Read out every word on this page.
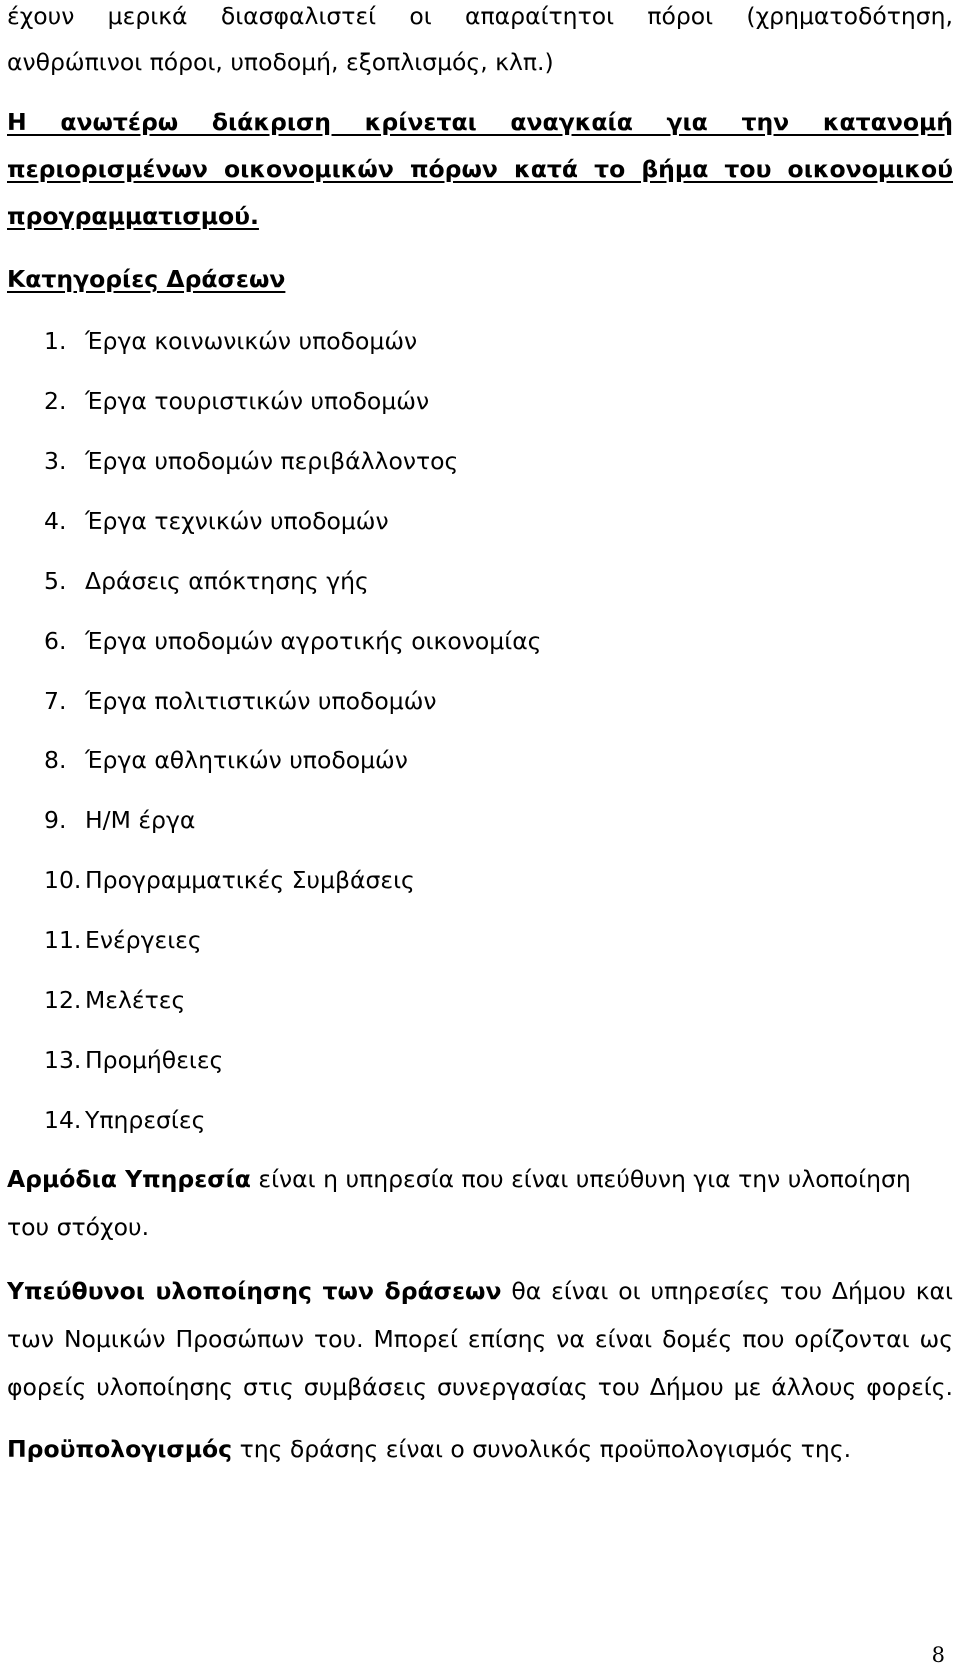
έχουν μερικά διασφαλιστεί οι απαραίτητοι πόροι (χρηματοδότηση,
ανθρώπινοι πόροι, υποδομή, εξοπλισμός, κλπ.)
Η ανωτέρω διάκριση κρίνεται αναγκαία για την κατανομή
περιορισμένων οικονομικών πόρων κατά το βήμα του οικονομικού
προγραμματισμού.
Κατηγορίες Δράσεων
1. Έργα κοινωνικών υποδομών
2. Έργα τουριστικών υποδομών
3. Έργα υποδομών περιβάλλοντος
4. Έργα τεχνικών υποδομών
5. Δράσεις απόκτησης γής
6. Έργα υποδομών αγροτικής οικονομίας
7. Έργα πολιτιστικών υποδομών
8. Έργα αθλητικών υποδομών
9. Η/Μ έργα
10. Προγραμματικές Συμβάσεις
11. Ενέργειες
12. Μελέτες
13. Προμήθειες
14. Υπηρεσίες
Αρμόδια Υπηρεσία είναι η υπηρεσία που είναι υπεύθυνη για την υλοποίηση
του στόχου.
Υπεύθυνοι υλοποίησης των δράσεων θα είναι οι υπηρεσίες του Δήμου και
των Νομικών Προσώπων του. Μπορεί επίσης να είναι δομές που ορίζονται ως
φορείς υλοποίησης στις συμβάσεις συνεργασίας του Δήμου με άλλους φορείς.
Προϋπολογισμός της δράσης είναι ο συνολικός προϋπολογισμός της.
8
